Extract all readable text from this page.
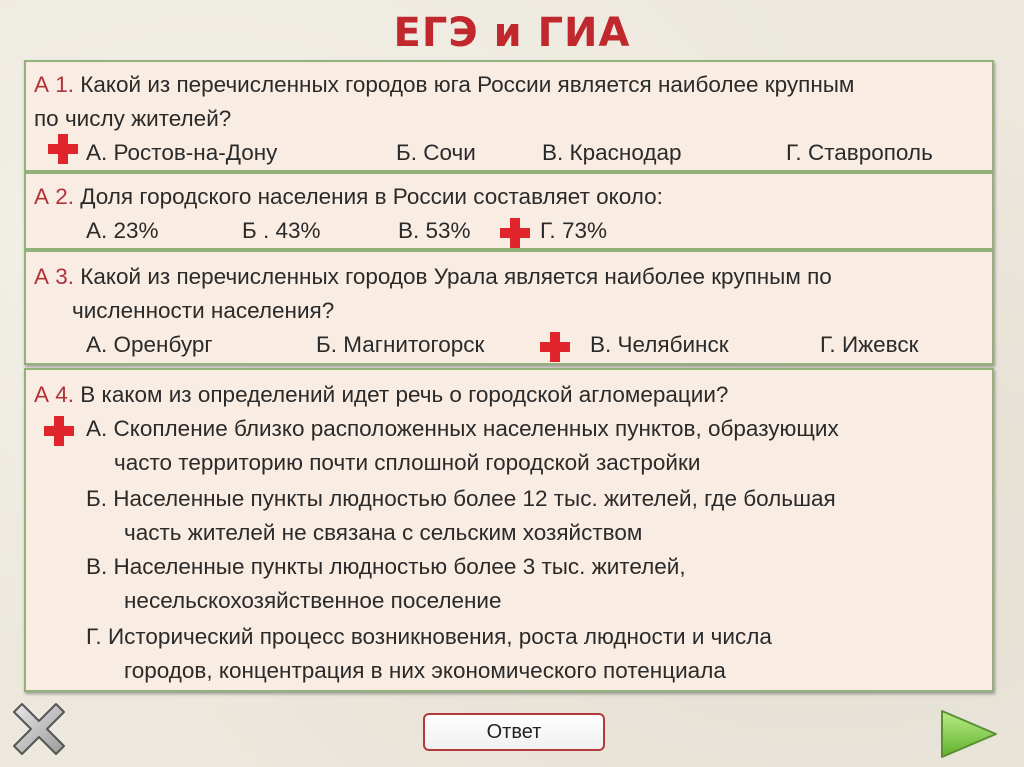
ЕГЭ и ГИА
А 1. Какой из перечисленных городов юга России является наиболее крупным
по числу жителей?
А. Ростов-на-Дону	Б. Сочи	В. Краснодар	Г. Ставрополь
А 2. Доля городского населения в России составляет около:
А. 23%	Б . 43%	В. 53%	Г. 73%
А 3. Какой из перечисленных городов Урала является наиболее крупным по
численности населения?
А. Оренбург	Б. Магнитогорск	В. Челябинск	Г. Ижевск
А 4. В каком из определений идет речь о городской агломерации?
А. Скопление близко расположенных населенных пунктов, образующих
часто территорию почти сплошной городской застройки
Б. Населенные пункты людностью более 12 тыс. жителей, где большая
часть жителей не связана с сельским хозяйством
В. Населенные пункты людностью более 3 тыс. жителей,
несельскохозяйственное поселение
Г. Исторический процесс возникновения, роста людности и числа
городов, концентрация в них экономического потенциала
Ответ
